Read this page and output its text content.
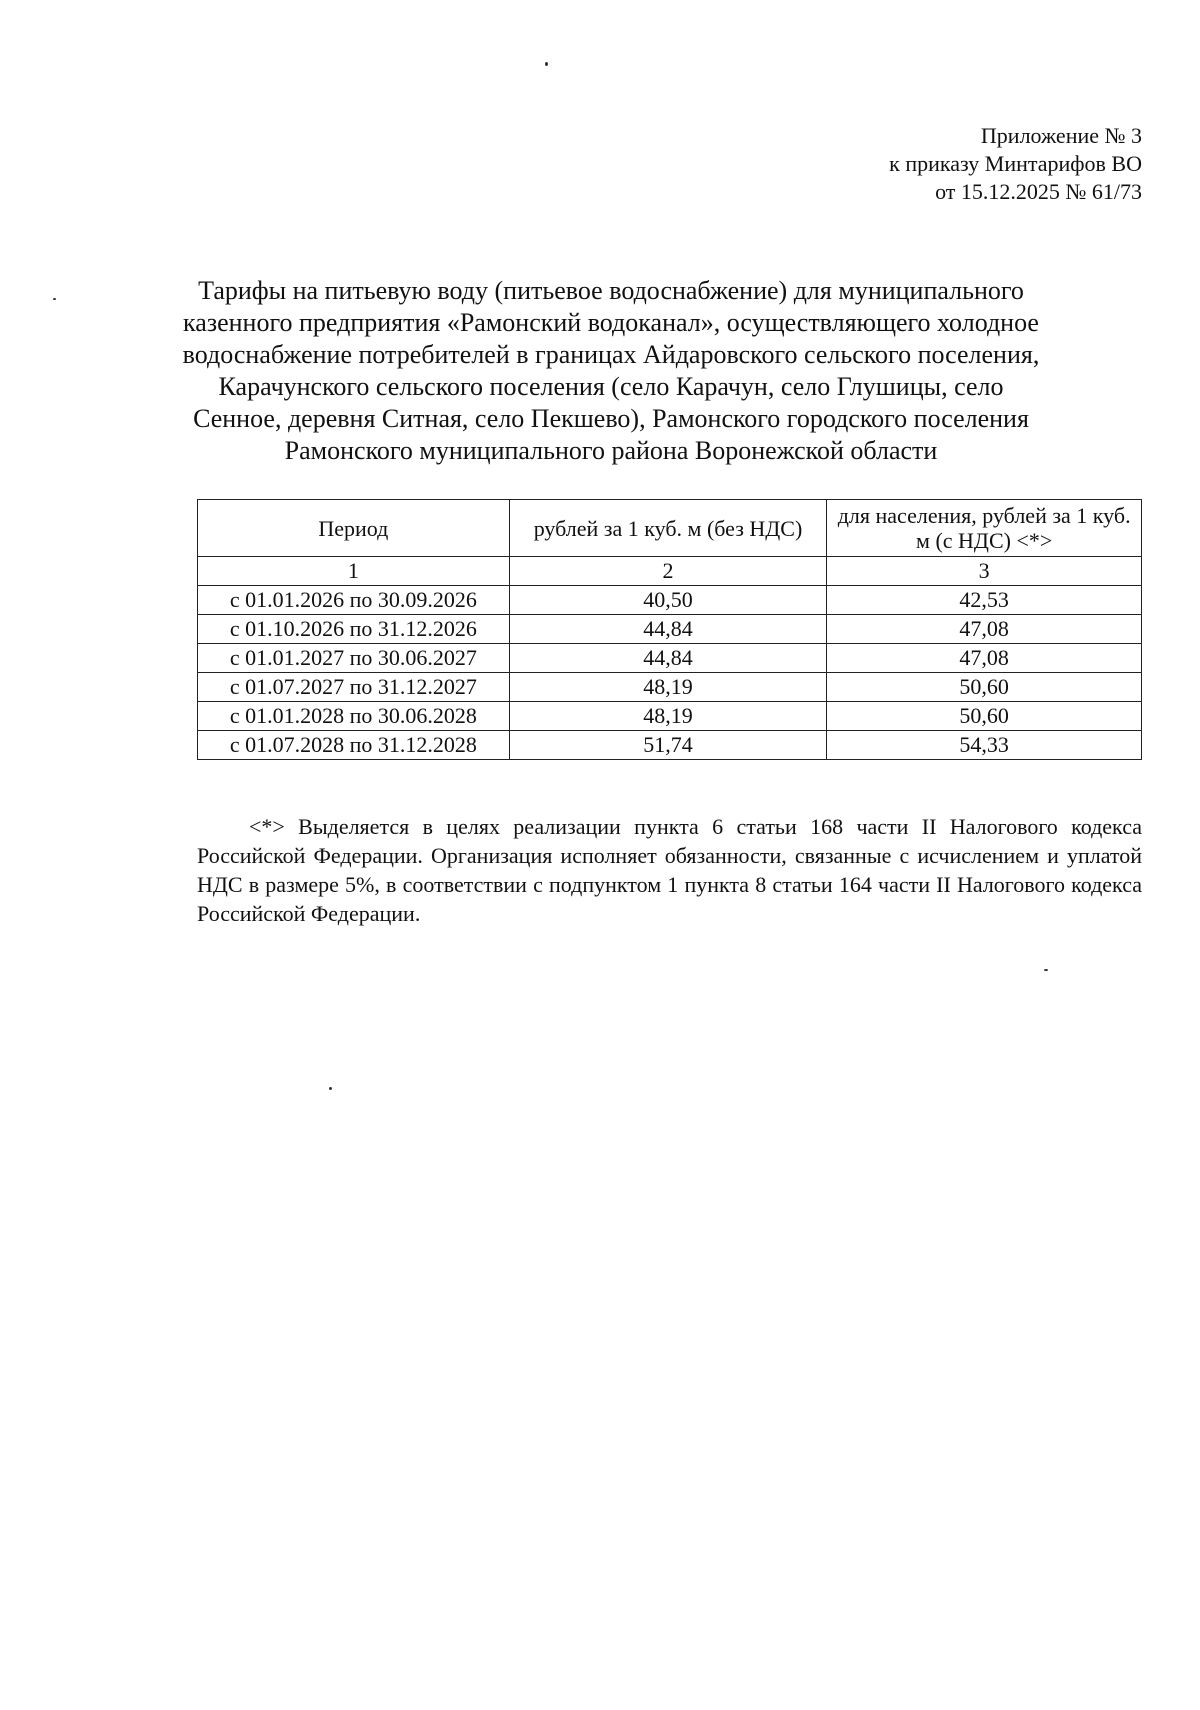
Приложение № 3
к приказу Минтарифов ВО
от 15.12.2025 № 61/73
Тарифы на питьевую воду (питьевое водоснабжение) для муниципального
казенного предприятия «Рамонский водоканал», осуществляющего холодное
водоснабжение потребителей в границах Айдаровского сельского поселения,
Карачунского сельского поселения (село Карачун, село Глушицы, село
Сенное, деревня Ситная, село Пекшево), Рамонского городского поселения
Рамонского муниципального района Воронежской области
Период	рублей за 1 куб. м (без НДС)	для населения, рублей за 1 куб. м (с НДС) <*>
1	2	3
с 01.01.2026 по 30.09.2026	40,50	42,53
с 01.10.2026 по 31.12.2026	44,84	47,08
с 01.01.2027 по 30.06.2027	44,84	47,08
с 01.07.2027 по 31.12.2027	48,19	50,60
с 01.01.2028 по 30.06.2028	48,19	50,60
с 01.07.2028 по 31.12.2028	51,74	54,33

<*> Выделяется в целях реализации пункта 6 статьи 168 части II Налогового кодекса Российской Федерации. Организация исполняет обязанности, связанные с исчислением и уплатой НДС в размере 5%, в соответствии с подпунктом 1 пункта 8 статьи 164 части II Налогового кодекса Российской Федерации.
